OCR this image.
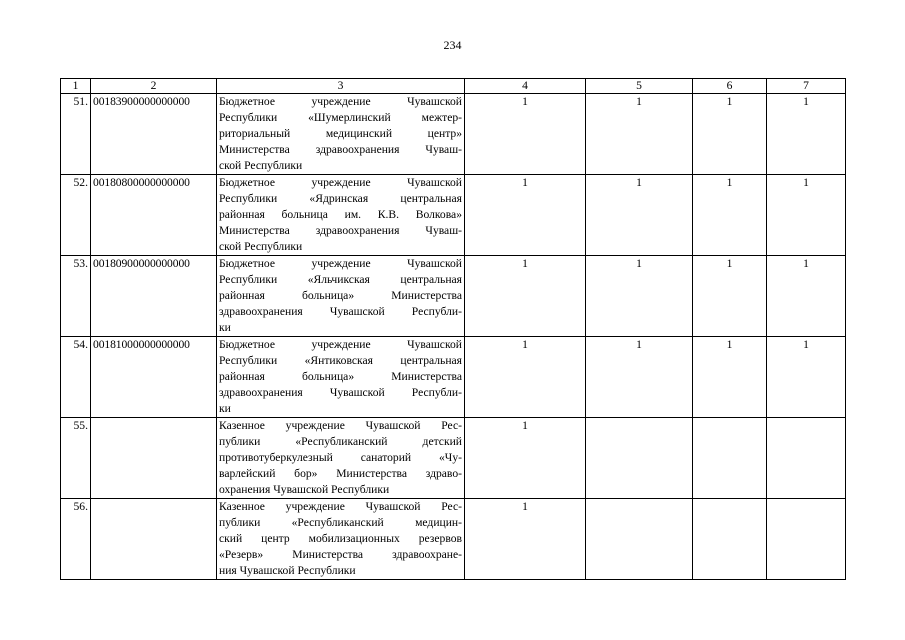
234
1	2	3	4	5	6	7
51.	00183900000000000	Бюджетное учреждение Чувашской
Республики «Шумерлинский межтер-
риториальный медицинский центр»
Министерства здравоохранения Чуваш-
ской Республики	1	1	1	1
52.	00180800000000000	Бюджетное учреждение Чувашской
Республики «Ядринская центральная
районная больница им. К.В. Волкова»
Министерства здравоохранения Чуваш-
ской Республики	1	1	1	1
53.	00180900000000000	Бюджетное учреждение Чувашской
Республики «Яльчикская центральная
районная больница» Министерства
здравоохранения Чувашской Республи-
ки	1	1	1	1
54.	00181000000000000	Бюджетное учреждение Чувашской
Республики «Янтиковская центральная
районная больница» Министерства
здравоохранения Чувашской Республи-
ки	1	1	1	1
55.		Казенное учреждение Чувашской Рес-
публики «Республиканский детский
противотуберкулезный санаторий «Чу-
варлейский бор» Министерства здраво-
охранения Чувашской Республики	1			
56.		Казенное учреждение Чувашской Рес-
публики «Республиканский медицин-
ский центр мобилизационных резервов
«Резерв» Министерства здравоохране-
ния Чувашской Республики	1			
